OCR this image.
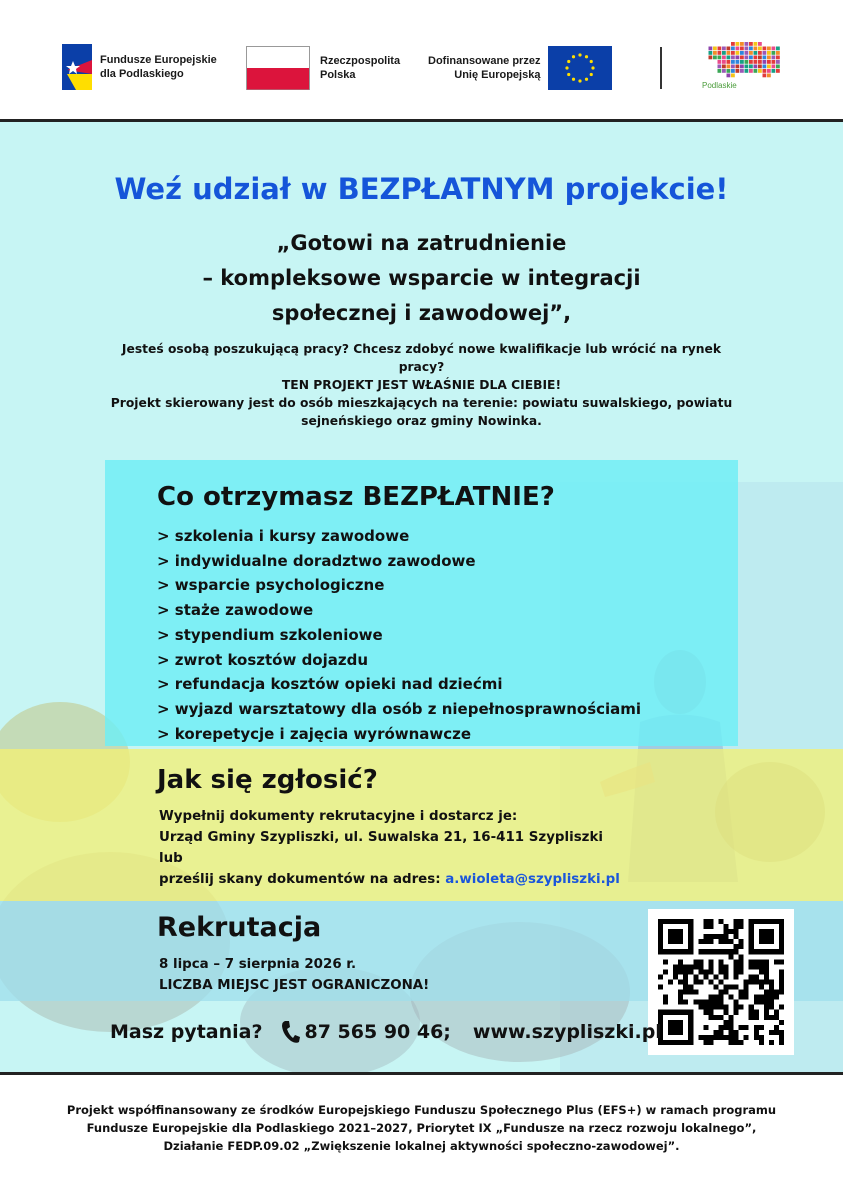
Fundusze Europejskie
dla Podlaskiego
Rzeczpospolita
Polska
Dofinansowane przez
Unię Europejską
Podlaskie
Weź udział w BEZPŁATNYM projekcie!
„Gotowi na zatrudnienie
– kompleksowe wsparcie w integracji
społecznej i zawodowej”,
Jesteś osobą poszukującą pracy? Chcesz zdobyć nowe kwalifikacje lub wrócić na rynek pracy?
TEN PROJEKT JEST WŁAŚNIE DLA CIEBIE!
Projekt skierowany jest do osób mieszkających na terenie: powiatu suwalskiego, powiatu sejneńskiego oraz gminy Nowinka.
Co otrzymasz BEZPŁATNIE?
> szkolenia i kursy zawodowe
> indywidualne doradztwo zawodowe
> wsparcie psychologiczne
> staże zawodowe
> stypendium szkoleniowe
> zwrot kosztów dojazdu
> refundacja kosztów opieki nad dziećmi
> wyjazd warsztatowy dla osób z niepełnosprawnościami
> korepetycje i zajęcia wyrównawcze
Jak się zgłosić?
Wypełnij dokumenty rekrutacyjne i dostarcz je:
Urząd Gminy Szypliszki, ul. Suwalska 21, 16-411 Szypliszki
lub
prześlij skany dokumentów na adres: a.wioleta@szypliszki.pl
Rekrutacja
8 lipca – 7 sierpnia 2026 r.
LICZBA MIEJSC JEST OGRANICZONA!
Masz pytania? 87 565 90 46; www.szypliszki.pl
Projekt współfinansowany ze środków Europejskiego Funduszu Społecznego Plus (EFS+) w ramach programu
Fundusze Europejskie dla Podlaskiego 2021–2027, Priorytet IX „Fundusze na rzecz rozwoju lokalnego”,
Działanie FEDP.09.02 „Zwiększenie lokalnej aktywności społeczno-zawodowej”.
